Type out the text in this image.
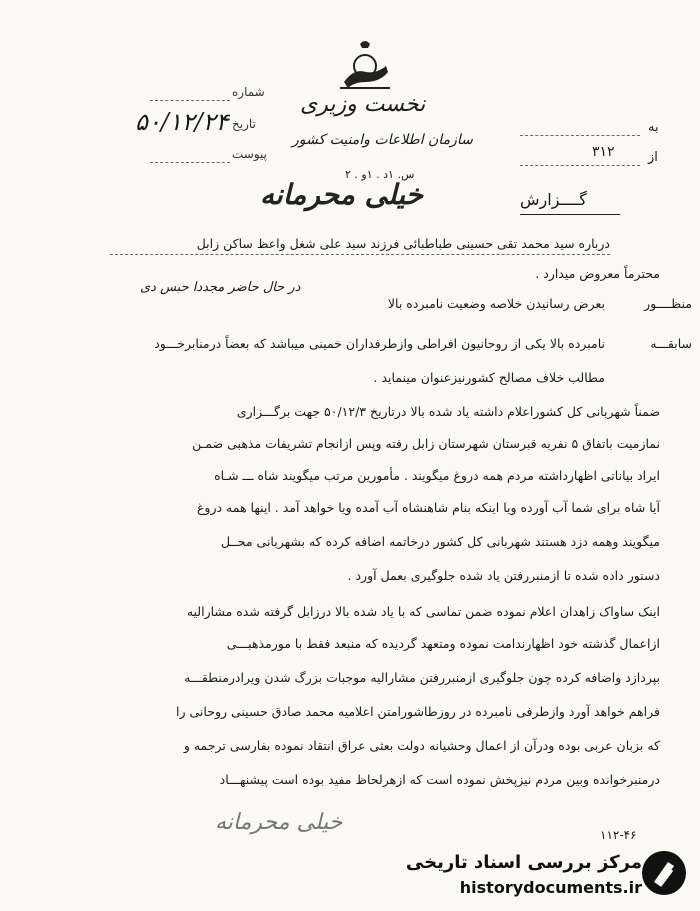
نخست وزیری
سازمان اطلاعات وامنیت کشور
شماره
تاریخ
۵۰/۱۲/۲۴
پیوست
به
از
۳۱۲
س. ۱د . ۱و . ۲
خیلی محرمانه	گــــزارش
درباره سید محمد تقی حسینی طباطبائی فرزند سید علی شغل واعظ ساکن زابل
محترماً معروض میدارد .
منظــــور
بعرض رسانیدن خلاصه وضعیت نامبرده بالا
در حال حاضر مجددا حبس دی
سابقـــه
نامبرده بالا یکی از روحانیون افراطی وازطرفداران خمینی میباشد که بعضاً درمنابرخـــود
مطالب خلاف مصالح کشورنیزعنوان مینماید .
ضمناً شهربانی کل کشوراعلام داشته یاد شده بالا درتاریخ ۵۰/۱۲/۳ جهت برگـــزاری
نمازمیت باتفاق ۵ نفربه قبرستان شهرستان زابل رفته وپس ازانجام تشریفات مذهبی ضمـن
ایراد بیاناتی اظهارداشته مردم همه دروغ میگویند . مأمورین مرتب میگویند شاه ـــ شـاه
آیا شاه برای شما آب آورده ویا اینکه بنام شاهنشاه آب آمده ویا خواهد آمد . اینها همه دروغ
میگویند وهمه دزد هستند شهربانی کل کشور درخاتمه اضافه کرده که بشهربانی محــل
دستور داده شده تا ازمنبررفتن یاد شده جلوگیری بعمل آورد .
اینک ساواک زاهدان اعلام نموده ضمن تماسی که با یاد شده بالا درزابل گرفته شده مشارالیه
ازاعمال گذشته خود اظهارندامت نموده ومتعهد گردیده که منبعد فقط با مورمذهبـــی
بپردازد واضافه کرده چون جلوگیری ازمنبررفتن مشارالیه موجبات بزرگ شدن ویرادرمنطقـــه
فراهم خواهد آورد وازطرفی نامبرده در روزطاشورامتن اعلامیه محمد صادق حسینی روحانی را
که بزبان عربی بوده ودرآن از اعمال وحشیانه دولت بعثی عراق انتقاد نموده بفارسی ترجمه و
درمنبرخوانده وبین مردم نیزپخش نموده است که ازهرلحاظ مفید بوده است پیشنهـــاد
خیلی محرمانه	۱۱۲-۴۶
مرکز بررسی اسناد تاریخی
historydocuments.ir
